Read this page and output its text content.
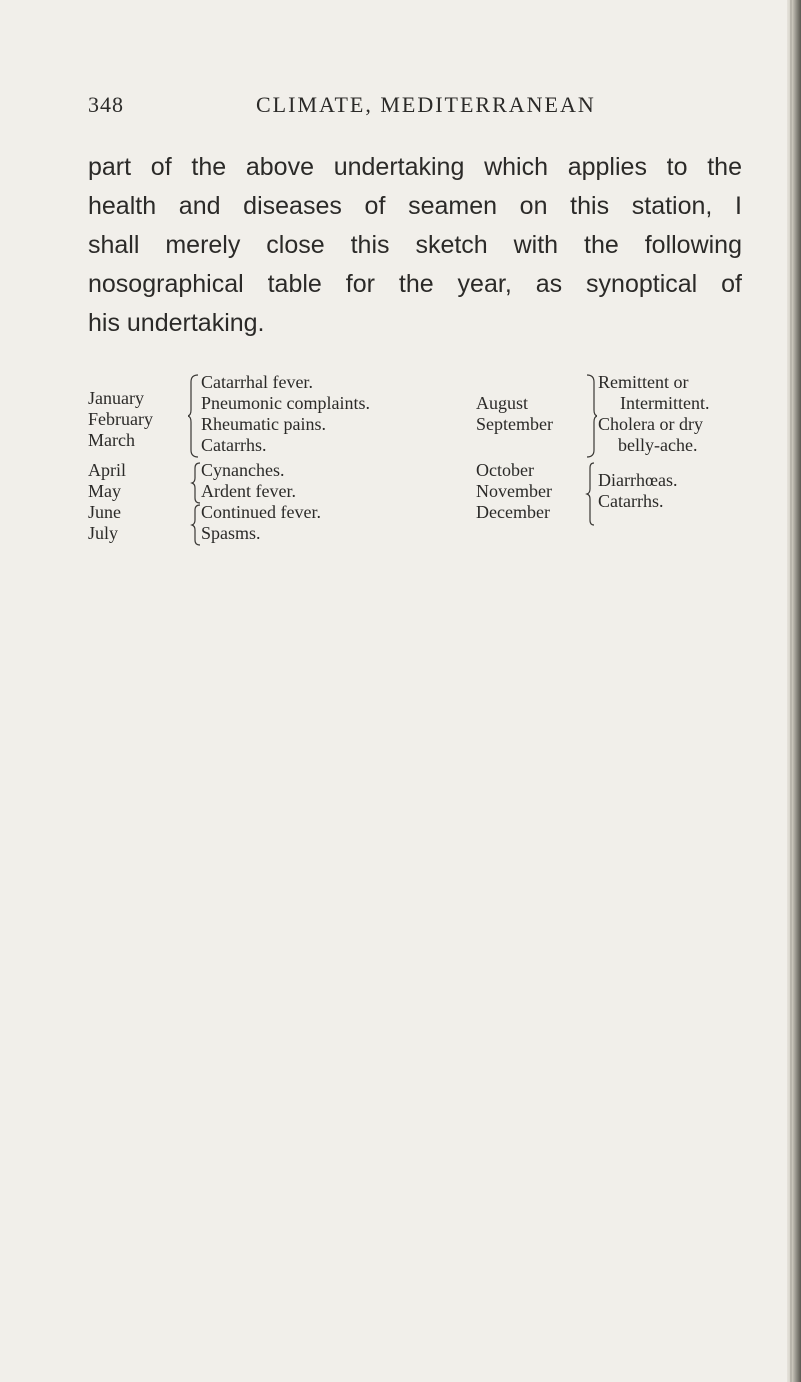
348	CLIMATE, MEDITERRANEAN
part of the above undertaking which applies to the
health and diseases of seamen on this station, I
shall merely close this sketch with the following
nosographical table for the year, as synoptical of
his undertaking.
January
February
March
Catarrhal fever.
Pneumonic complaints.
Rheumatic pains.
Catarrhs.
April
May
Cynanches.
Ardent fever.
June
July
Continued fever.
Spasms.
August
September
Remittent or
Intermittent.
Cholera or dry
belly-ache.
October
November
December
Diarrhœas.
Catarrhs.
